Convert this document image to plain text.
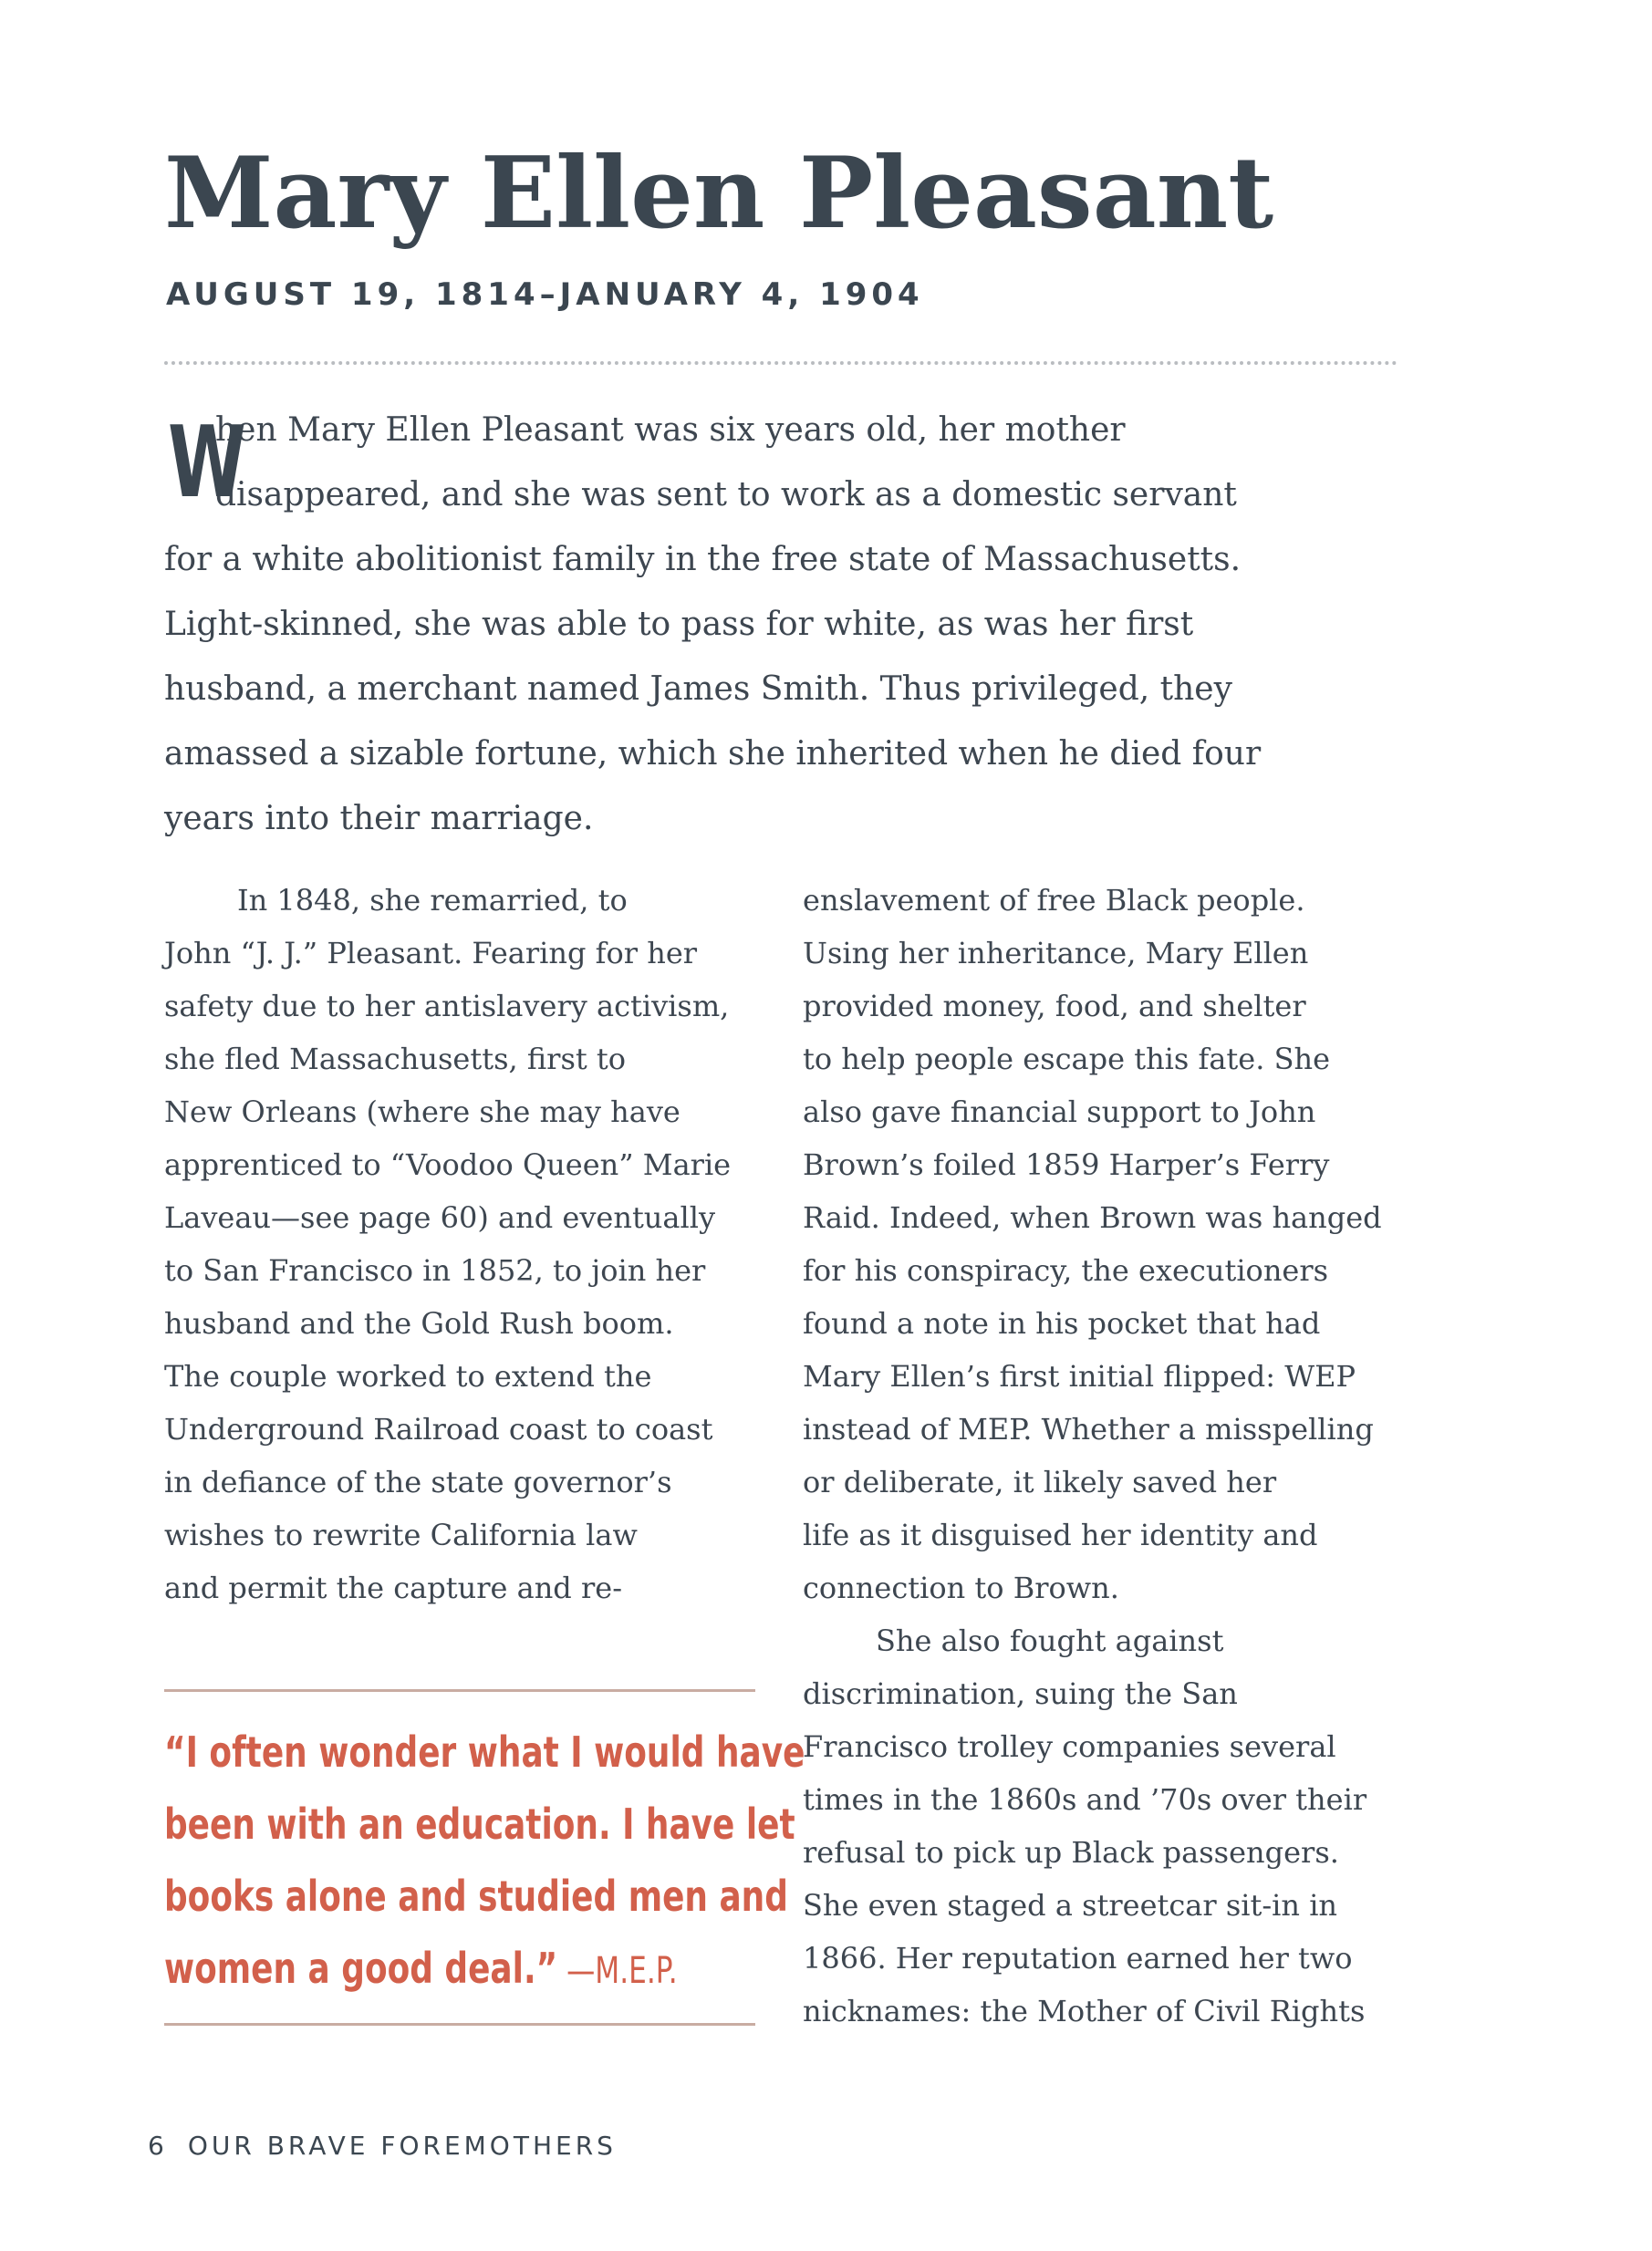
Mary Ellen Pleasant
AUGUST 19, 1814–JANUARY 4, 1904
W
hen Mary Ellen Pleasant was six years old, her mother
disappeared, and she was sent to work as a domestic servant
for a white abolitionist family in the free state of Massachusetts.
Light-skinned, she was able to pass for white, as was her first
husband, a merchant named James Smith. Thus privileged, they
amassed a sizable fortune, which she inherited when he died four
years into their marriage.
In 1848, she remarried, to
John “J. J.” Pleasant. Fearing for her
safety due to her antislavery activism,
she fled Massachusetts, first to
New Orleans (where she may have
apprenticed to “Voodoo Queen” Marie
Laveau—see page 60) and eventually
to San Francisco in 1852, to join her
husband and the Gold Rush boom.
The couple worked to extend the
Underground Railroad coast to coast
in defiance of the state governor’s
wishes to rewrite California law
and permit the capture and re-
“I often wonder what I would have
been with an education. I have let
books alone and studied men and
women a good deal.” —M.E.P.
enslavement of free Black people.
Using her inheritance, Mary Ellen
provided money, food, and shelter
to help people escape this fate. She
also gave financial support to John
Brown’s foiled 1859 Harper’s Ferry
Raid. Indeed, when Brown was hanged
for his conspiracy, the executioners
found a note in his pocket that had
Mary Ellen’s first initial flipped: WEP
instead of MEP. Whether a misspelling
or deliberate, it likely saved her
life as it disguised her identity and
connection to Brown.
She also fought against
discrimination, suing the San
Francisco trolley companies several
times in the 1860s and ’70s over their
refusal to pick up Black passengers.
She even staged a streetcar sit-in in
1866. Her reputation earned her two
nicknames: the Mother of Civil Rights
6 OUR BRAVE FOREMOTHERS
